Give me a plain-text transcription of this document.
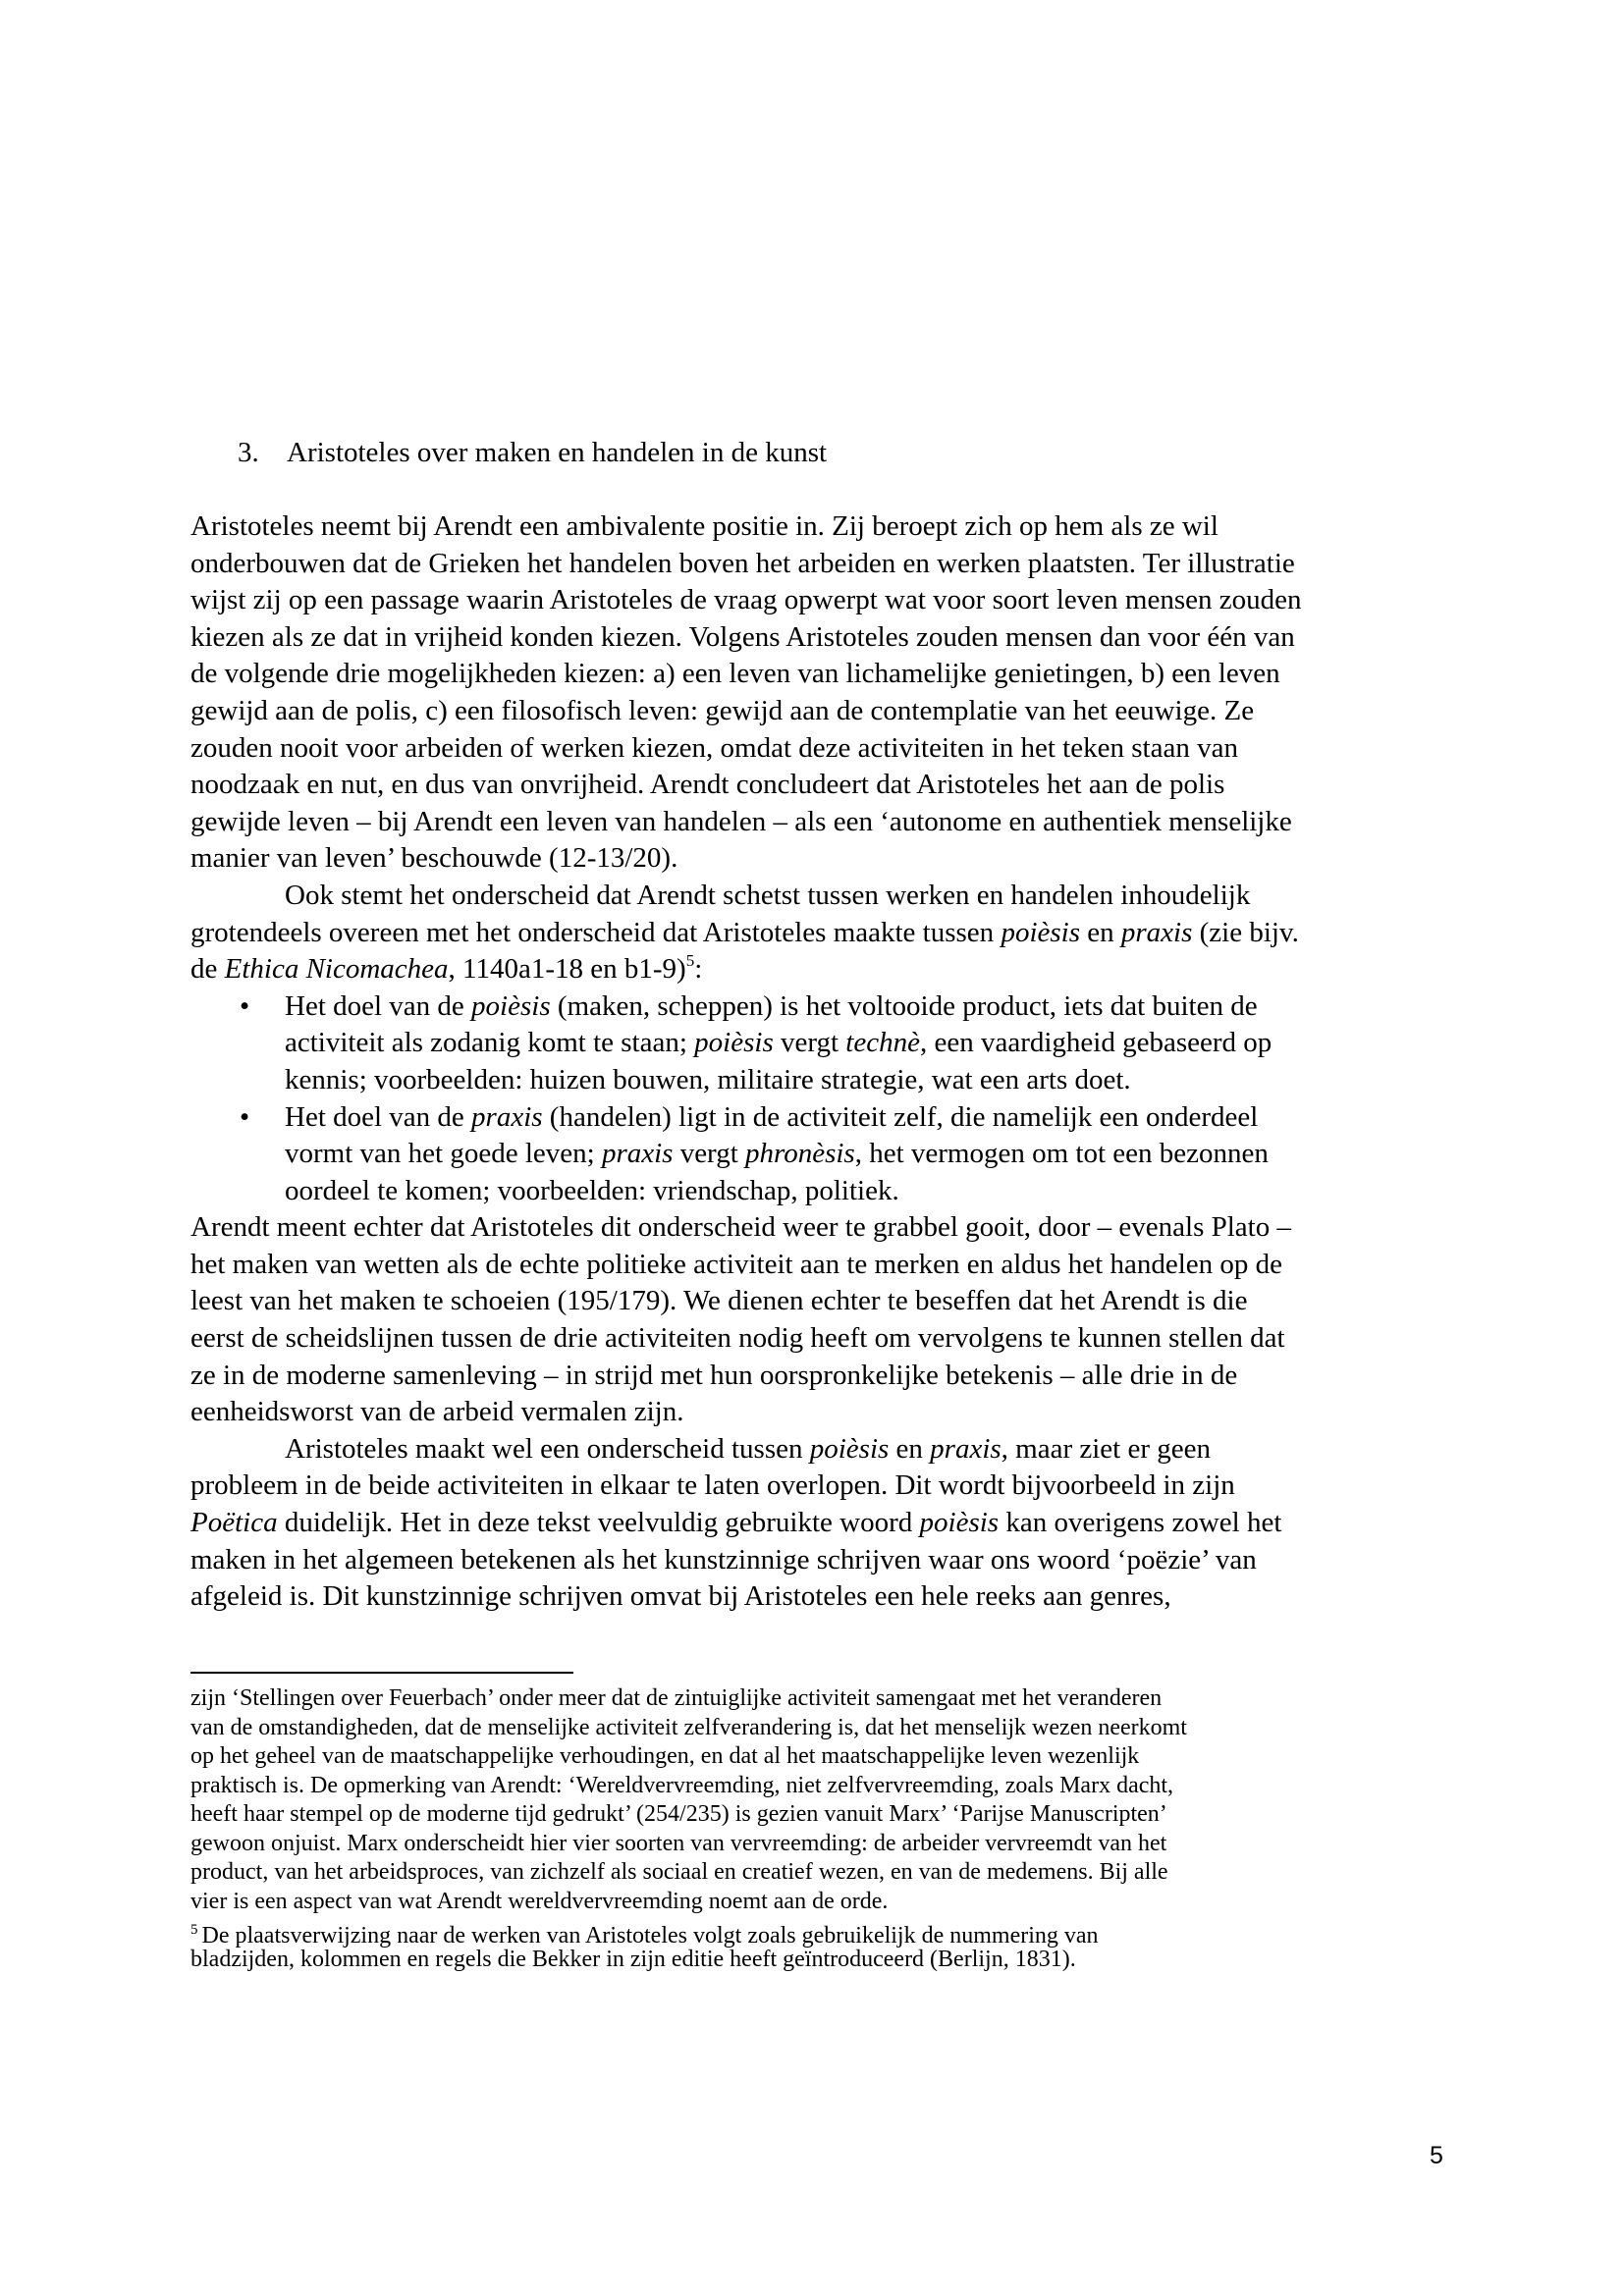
3. Aristoteles over maken en handelen in de kunst
Aristoteles neemt bij Arendt een ambivalente positie in. Zij beroept zich op hem als ze wil
onderbouwen dat de Grieken het handelen boven het arbeiden en werken plaatsten. Ter illustratie
wijst zij op een passage waarin Aristoteles de vraag opwerpt wat voor soort leven mensen zouden
kiezen als ze dat in vrijheid konden kiezen. Volgens Aristoteles zouden mensen dan voor één van
de volgende drie mogelijkheden kiezen: a) een leven van lichamelijke genietingen, b) een leven
gewijd aan de polis, c) een filosofisch leven: gewijd aan de contemplatie van het eeuwige. Ze
zouden nooit voor arbeiden of werken kiezen, omdat deze activiteiten in het teken staan van
noodzaak en nut, en dus van onvrijheid. Arendt concludeert dat Aristoteles het aan de polis
gewijde leven – bij Arendt een leven van handelen – als een ‘autonome en authentiek menselijke
manier van leven’ beschouwde (12-13/20).
Ook stemt het onderscheid dat Arendt schetst tussen werken en handelen inhoudelijk
grotendeels overeen met het onderscheid dat Aristoteles maakte tussen poièsis en praxis (zie bijv.
de Ethica Nicomachea, 1140a1-18 en b1-9)$^5$:
• Het doel van de poièsis (maken, scheppen) is het voltooide product, iets dat buiten de
activiteit als zodanig komt te staan; poièsis vergt technè, een vaardigheid gebaseerd op
kennis; voorbeelden: huizen bouwen, militaire strategie, wat een arts doet.
• Het doel van de praxis (handelen) ligt in de activiteit zelf, die namelijk een onderdeel
vormt van het goede leven; praxis vergt phronèsis, het vermogen om tot een bezonnen
oordeel te komen; voorbeelden: vriendschap, politiek.
Arendt meent echter dat Aristoteles dit onderscheid weer te grabbel gooit, door – evenals Plato –
het maken van wetten als de echte politieke activiteit aan te merken en aldus het handelen op de
leest van het maken te schoeien (195/179). We dienen echter te beseffen dat het Arendt is die
eerst de scheidslijnen tussen de drie activiteiten nodig heeft om vervolgens te kunnen stellen dat
ze in de moderne samenleving – in strijd met hun oorspronkelijke betekenis – alle drie in de
eenheidsworst van de arbeid vermalen zijn.
Aristoteles maakt wel een onderscheid tussen poièsis en praxis, maar ziet er geen
probleem in de beide activiteiten in elkaar te laten overlopen. Dit wordt bijvoorbeeld in zijn
Poëtica duidelijk. Het in deze tekst veelvuldig gebruikte woord poièsis kan overigens zowel het
maken in het algemeen betekenen als het kunstzinnige schrijven waar ons woord ‘poëzie’ van
afgeleid is. Dit kunstzinnige schrijven omvat bij Aristoteles een hele reeks aan genres,
zijn ‘Stellingen over Feuerbach’ onder meer dat de zintuiglijke activiteit samengaat met het veranderen
van de omstandigheden, dat de menselijke activiteit zelfverandering is, dat het menselijk wezen neerkomt
op het geheel van de maatschappelijke verhoudingen, en dat al het maatschappelijke leven wezenlijk
praktisch is. De opmerking van Arendt: ‘Wereldvervreemding, niet zelfvervreemding, zoals Marx dacht,
heeft haar stempel op de moderne tijd gedrukt’ (254/235) is gezien vanuit Marx’ ‘Parijse Manuscripten’
gewoon onjuist. Marx onderscheidt hier vier soorten van vervreemding: de arbeider vervreemdt van het
product, van het arbeidsproces, van zichzelf als sociaal en creatief wezen, en van de medemens. Bij alle
vier is een aspect van wat Arendt wereldvervreemding noemt aan de orde.
$^5$ De plaatsverwijzing naar de werken van Aristoteles volgt zoals gebruikelijk de nummering van
bladzijden, kolommen en regels die Bekker in zijn editie heeft geïntroduceerd (Berlijn, 1831).
5
